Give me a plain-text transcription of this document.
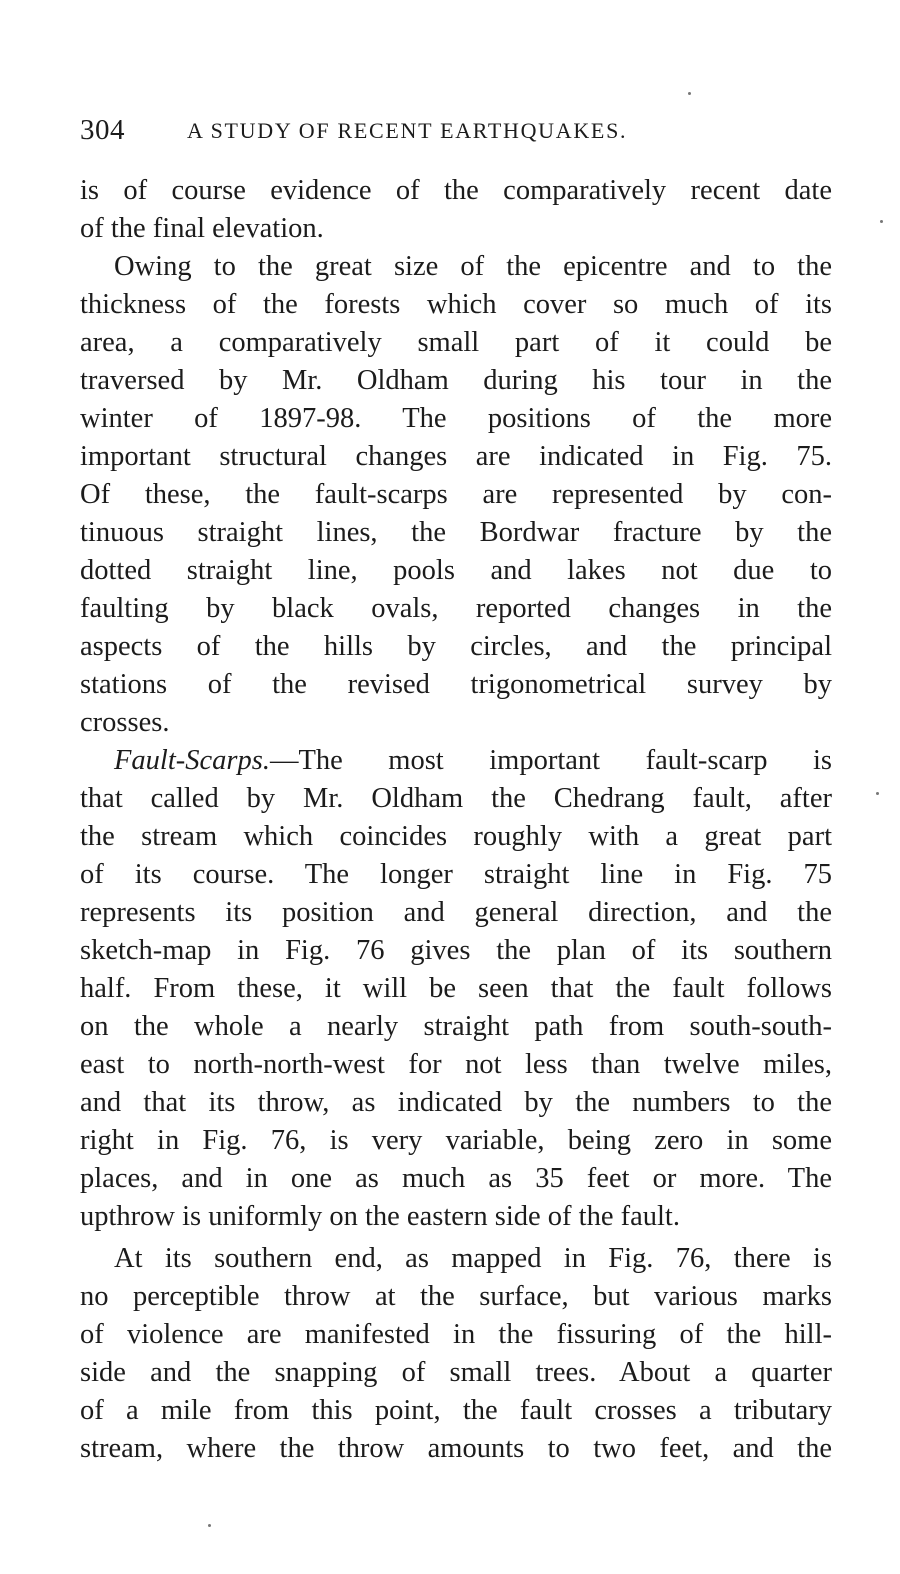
304	A STUDY OF RECENT EARTHQUAKES.
is of course evidence of the comparatively recent date
of the final elevation.
Owing to the great size of the epicentre and to the
thickness of the forests which cover so much of its
area, a comparatively small part of it could be
traversed by Mr. Oldham during his tour in the
winter of 1897-98. The positions of the more
important structural changes are indicated in Fig. 75.
Of these, the fault-scarps are represented by con-
tinuous straight lines, the Bordwar fracture by the
dotted straight line, pools and lakes not due to
faulting by black ovals, reported changes in the
aspects of the hills by circles, and the principal
stations of the revised trigonometrical survey by
crosses.
Fault-Scarps.—The most important fault-scarp is
that called by Mr. Oldham the Chedrang fault, after
the stream which coincides roughly with a great part
of its course. The longer straight line in Fig. 75
represents its position and general direction, and the
sketch-map in Fig. 76 gives the plan of its southern
half. From these, it will be seen that the fault follows
on the whole a nearly straight path from south-south-
east to north-north-west for not less than twelve miles,
and that its throw, as indicated by the numbers to the
right in Fig. 76, is very variable, being zero in some
places, and in one as much as 35 feet or more. The
upthrow is uniformly on the eastern side of the fault.
At its southern end, as mapped in Fig. 76, there is
no perceptible throw at the surface, but various marks
of violence are manifested in the fissuring of the hill-
side and the snapping of small trees. About a quarter
of a mile from this point, the fault crosses a tributary
stream, where the throw amounts to two feet, and the
